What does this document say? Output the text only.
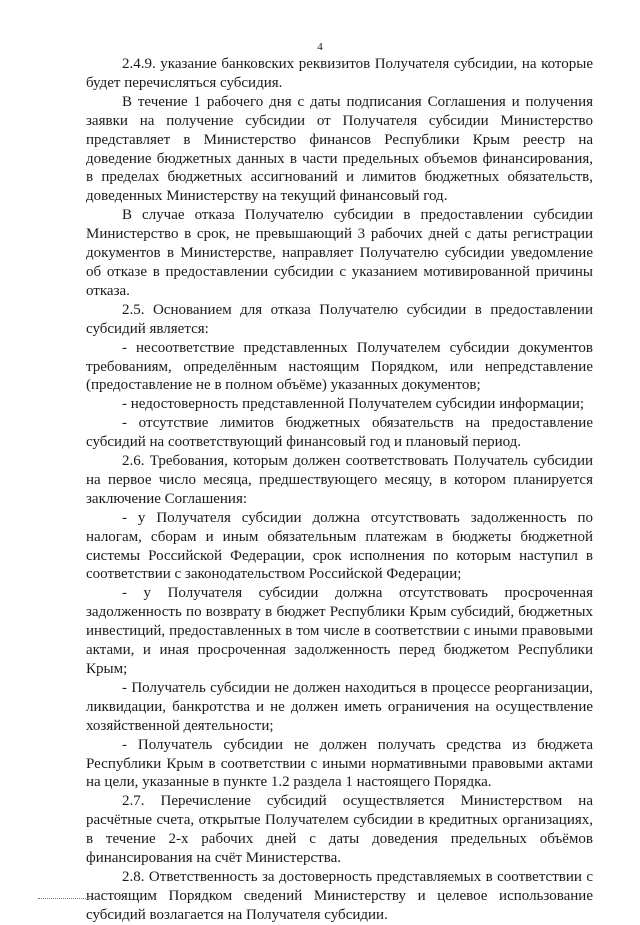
4

2.4.9. указание банковских реквизитов Получателя субсидии, на которые будет перечисляться субсидия.

В течение 1 рабочего дня с даты подписания Соглашения и получения заявки на получение субсидии от Получателя субсидии Министерство представляет в Министерство финансов Республики Крым реестр на доведение бюджетных данных в части предельных объемов финансирования, в пределах бюджетных ассигнований и лимитов бюджетных обязательств, доведенных Министерству на текущий финансовый год.

В случае отказа Получателю субсидии в предоставлении субсидии Министерство в срок, не превышающий 3 рабочих дней с даты регистрации документов в Министерстве, направляет Получателю субсидии уведомление об отказе в предоставлении субсидии с указанием мотивированной причины отказа.

2.5. Основанием для отказа Получателю субсидии в предоставлении субсидий является:

- несоответствие представленных Получателем субсидии документов требованиям, определённым настоящим Порядком, или непредставление (предоставление не в полном объёме) указанных документов;

- недостоверность представленной Получателем субсидии информации;

- отсутствие лимитов бюджетных обязательств на предоставление субсидий на соответствующий финансовый год и плановый период.

2.6. Требования, которым должен соответствовать Получатель субсидии на первое число месяца, предшествующего месяцу, в котором планируется заключение Соглашения:

- у Получателя субсидии должна отсутствовать задолженность по налогам, сборам и иным обязательным платежам в бюджеты бюджетной системы Российской Федерации, срок исполнения по которым наступил в соответствии с законодательством Российской Федерации;

- у Получателя субсидии должна отсутствовать просроченная задолженность по возврату в бюджет Республики Крым субсидий, бюджетных инвестиций, предоставленных в том числе в соответствии с иными правовыми актами, и иная просроченная задолженность перед бюджетом Республики Крым;

- Получатель субсидии не должен находиться в процессе реорганизации, ликвидации, банкротства и не должен иметь ограничения на осуществление хозяйственной деятельности;

- Получатель субсидии не должен получать средства из бюджета Республики Крым в соответствии с иными нормативными правовыми актами на цели, указанные в пункте 1.2 раздела 1 настоящего Порядка.

2.7. Перечисление субсидий осуществляется Министерством на расчётные счета, открытые Получателем субсидии в кредитных организациях, в течение 2-х рабочих дней с даты доведения предельных объёмов финансирования на счёт Министерства.

2.8. Ответственность за достоверность представляемых в соответствии с настоящим Порядком сведений Министерству и целевое использование субсидий возлагается на Получателя субсидии.
